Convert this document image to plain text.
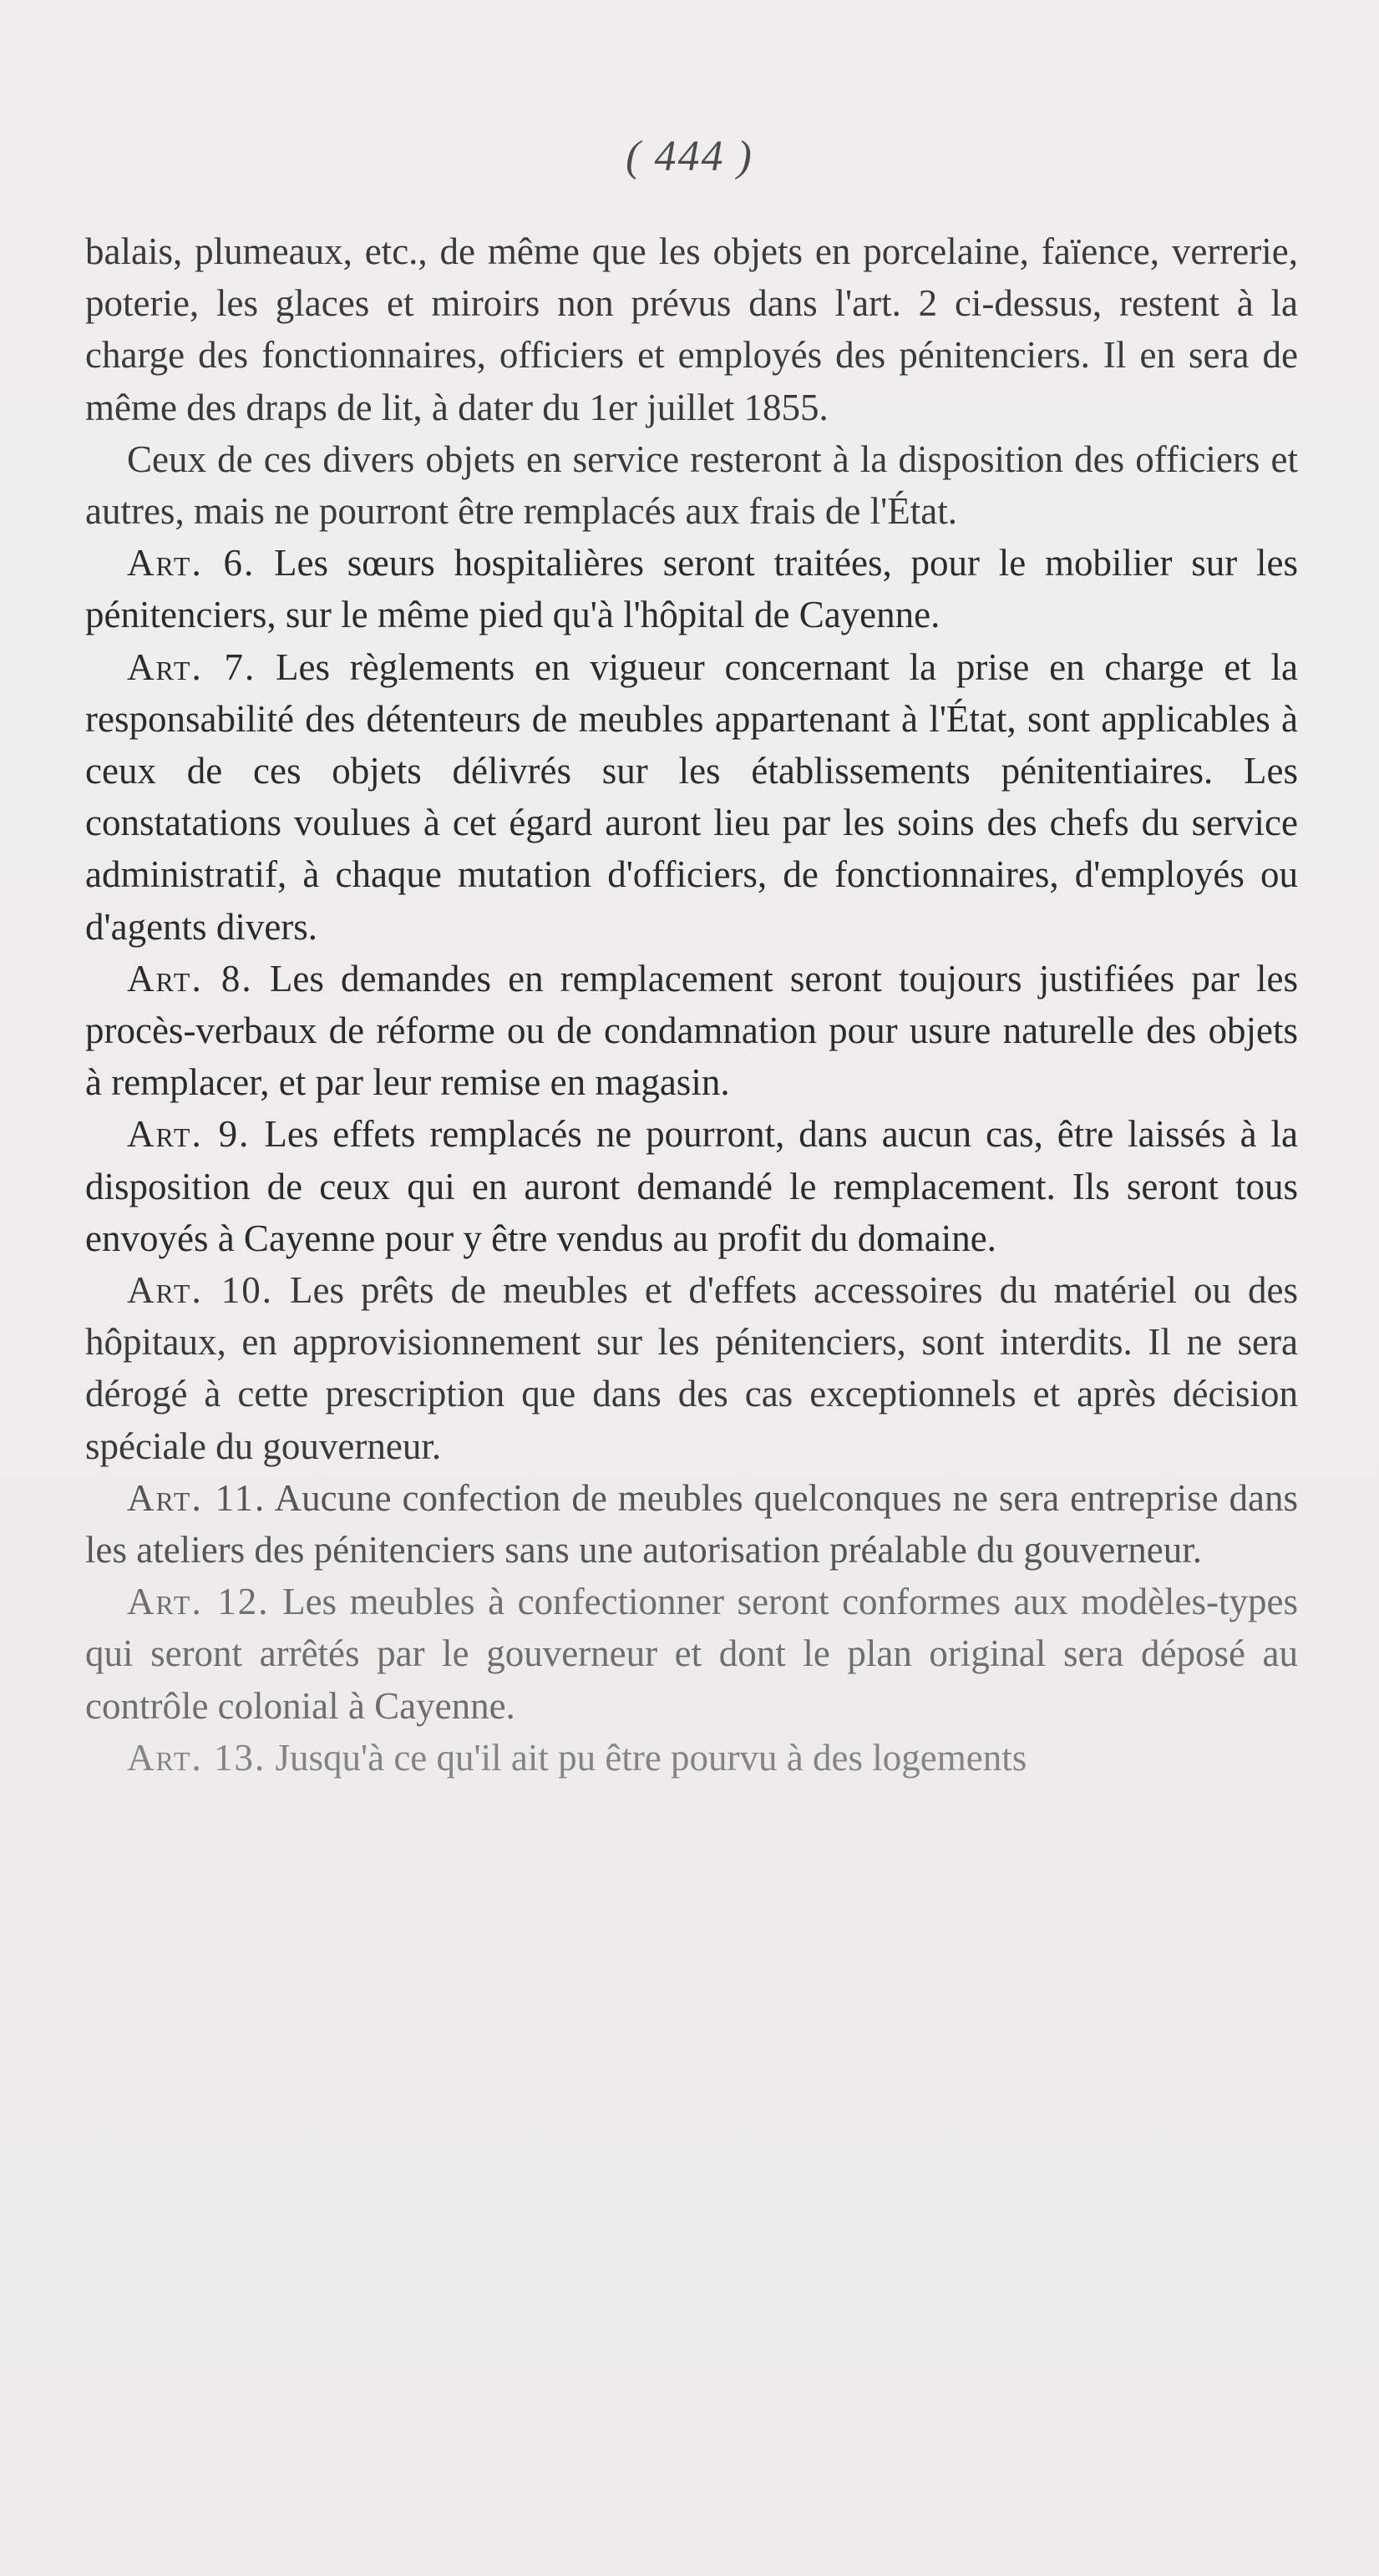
( 444 )

balais, plumeaux, etc., de même que les objets en porcelaine, faïence, verrerie, poterie, les glaces et miroirs non prévus dans l'art. 2 ci-dessus, restent à la charge des fonctionnaires, officiers et employés des pénitenciers. Il en sera de même des draps de lit, à dater du 1er juillet 1855.

Ceux de ces divers objets en service resteront à la disposition des officiers et autres, mais ne pourront être remplacés aux frais de l'État.

Art. 6. Les sœurs hospitalières seront traitées, pour le mobilier sur les pénitenciers, sur le même pied qu'à l'hôpital de Cayenne.

Art. 7. Les règlements en vigueur concernant la prise en charge et la responsabilité des détenteurs de meubles appartenant à l'État, sont applicables à ceux de ces objets délivrés sur les établissements pénitentiaires. Les constatations voulues à cet égard auront lieu par les soins des chefs du service administratif, à chaque mutation d'officiers, de fonctionnaires, d'employés ou d'agents divers.

Art. 8. Les demandes en remplacement seront toujours justifiées par les procès-verbaux de réforme ou de condamnation pour usure naturelle des objets à remplacer, et par leur remise en magasin.

Art. 9. Les effets remplacés ne pourront, dans aucun cas, être laissés à la disposition de ceux qui en auront demandé le remplacement. Ils seront tous envoyés à Cayenne pour y être vendus au profit du domaine.

Art. 10. Les prêts de meubles et d'effets accessoires du matériel ou des hôpitaux, en approvisionnement sur les pénitenciers, sont interdits. Il ne sera dérogé à cette prescription que dans des cas exceptionnels et après décision spéciale du gouverneur.

Art. 11. Aucune confection de meubles quelconques ne sera entreprise dans les ateliers des pénitenciers sans une autorisation préalable du gouverneur.

Art. 12. Les meubles à confectionner seront conformes aux modèles-types qui seront arrêtés par le gouverneur et dont le plan original sera déposé au contrôle colonial à Cayenne.

Art. 13. Jusqu'à ce qu'il ait pu être pourvu à des logements
